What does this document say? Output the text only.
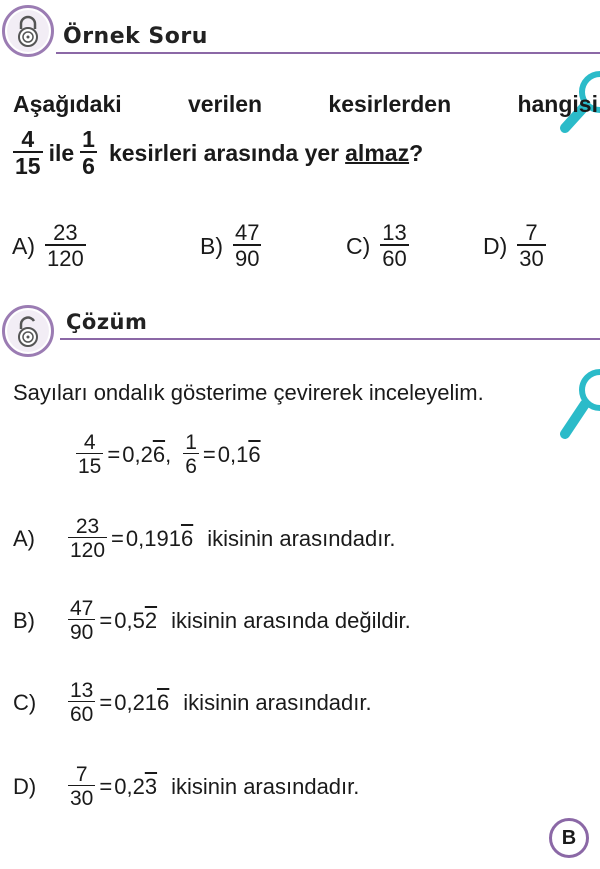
Örnek Soru
Aşağıdaki	verilen	kesirlerden	hangisi
$\frac{4}{15}$ ile $\frac{1}{6}$ kesirleri arasında yer almaz ?
$A) \frac{23}{120}$	$B) \frac{47}{90}$	$C) \frac{13}{60}$	$D) \frac{7}{30}$
Çözüm
Sayıları ondalık gösterime çevirerek inceleyelim.
$\frac{4}{15} = 0,2$ 6 , $\frac{1}{6} = 0,1$ 6
A)	$\frac{23}{120} = 0,191$ 6 ikisinin arasındadır.
B)	$\frac{47}{90} = 0,5$ 2 ikisinin arasında değildir.
C)	$\frac{13}{60} = 0,21$ 6 ikisinin arasındadır.
D)	$\frac{7}{30} = 0,2$ 3 ikisinin arasındadır.
B
